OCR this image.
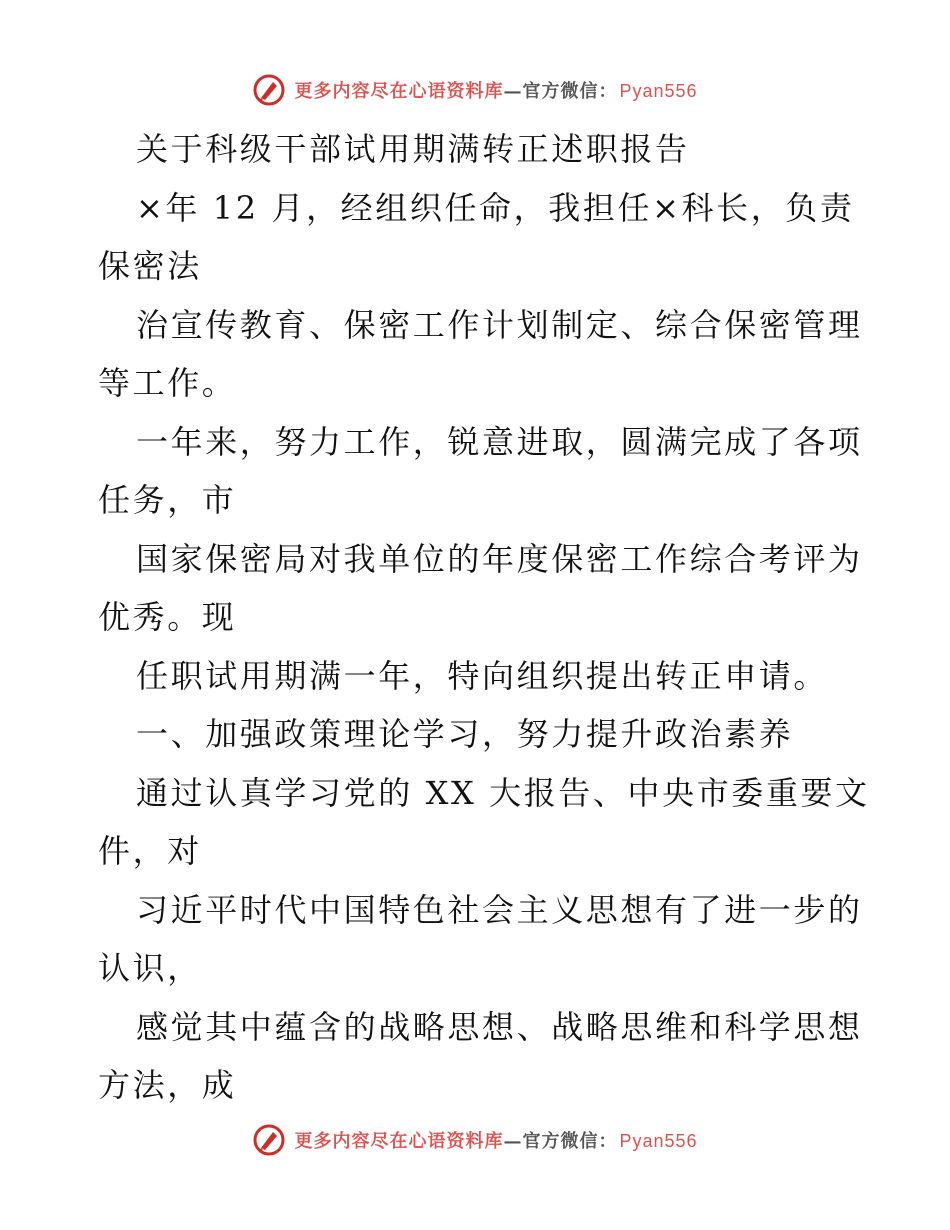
更多内容尽在心语资料库—官方微信： Pyan556
关于科级干部试用期满转正述职报告
×年 12 月，经组织任命，我担任×科长，负责
保密法
治宣传教育、保密工作计划制定、综合保密管理
等工作。
一年来，努力工作，锐意进取，圆满完成了各项
任务，市
国家保密局对我单位的年度保密工作综合考评为
优秀。现
任职试用期满一年，特向组织提出转正申请。
一、加强政策理论学习，努力提升政治素养
通过认真学习党的 XX 大报告、中央市委重要文
件，对
习近平时代中国特色社会主义思想有了进一步的
认识，
感觉其中蕴含的战略思想、战略思维和科学思想
方法，成
更多内容尽在心语资料库—官方微信： Pyan556
